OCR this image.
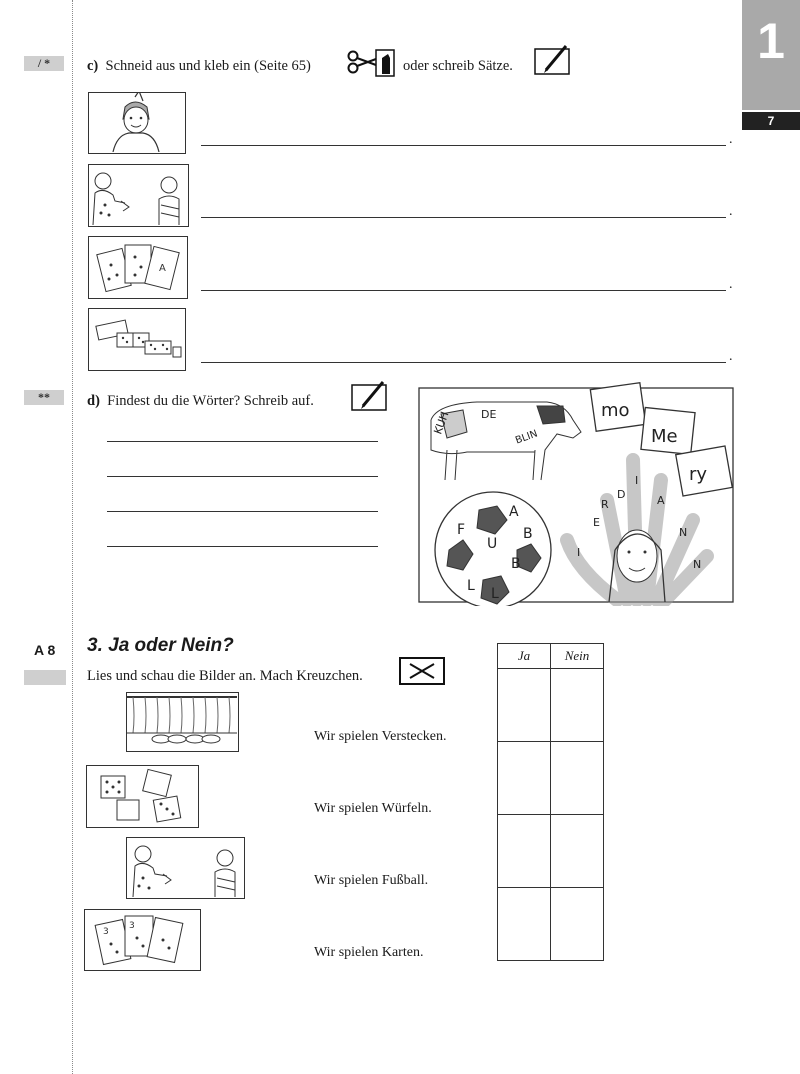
1
7
/ *	c) Schneid aus und kleb ein (Seite 65)	oder schreib Sätze.
.
.
A
.
.
**	d) Findest du die Wörter? Schreib auf.
KUH	DE
BLIN
A
F
U
B
B
L L
mo
Me
ry
D
I
A
N
E
R
I
N
A 8 3. Ja oder Nein?
Lies und schau die Bilder an. Mach Kreuzchen.
Wir spielen Verstecken.
Wir spielen Würfeln.
Wir spielen Fußball.
3
3
Wir spielen Karten.
Ja	Nein
